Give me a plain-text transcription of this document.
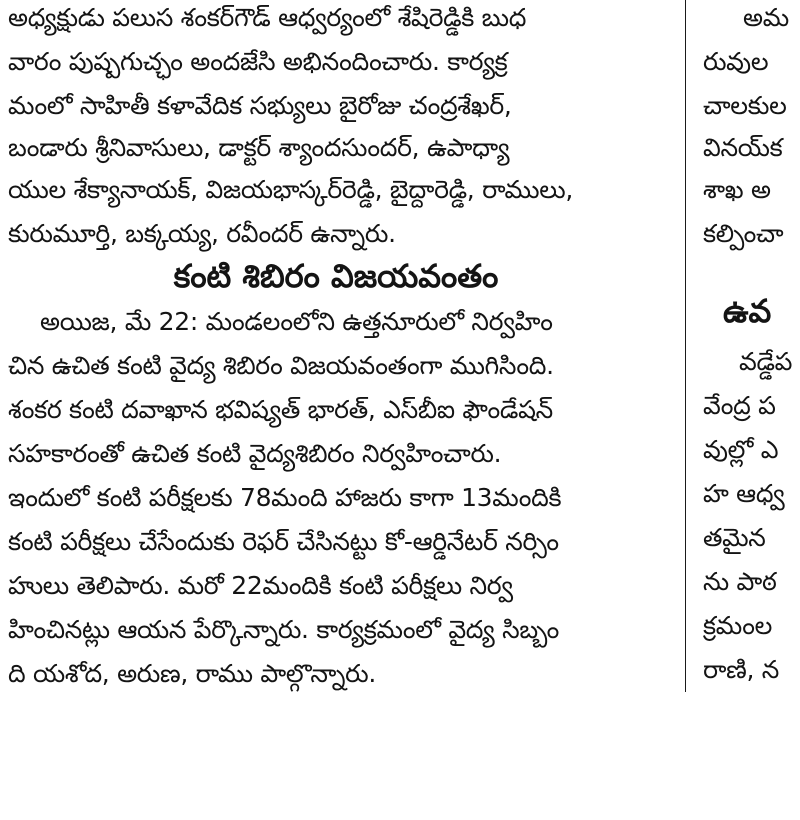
అధ్యక్షుడు పలుస శంకర్‌గౌడ్ ఆధ్వర్యంలో శేషిరెడ్డికి బుధ
వారం పుష్పగుచ్ఛం అందజేసి అభినందించారు. కార్యక్ర
మంలో సాహితీ కళావేదిక సభ్యులు బైరోజు చంద్రశేఖర్,
బండారు శ్రీనివాసులు, డాక్టర్ శ్యాందసుందర్, ఉపాధ్యా
యుల శేక్యానాయక్, విజయభాస్కర్‌రెడ్డి, బైద్దారెడ్డి, రాములు,
కురుమూర్తి, బక్కయ్య, రవీందర్ ఉన్నారు.
కంటి శిబిరం విజయవంతం
అయిజ, మే 22: మండలంలోని ఉత్తనూరులో నిర్వహిం
చిన ఉచిత కంటి వైద్య శిబిరం విజయవంతంగా ముగిసింది.
శంకర కంటి దవాఖాన భవిష్యత్ భారత్, ఎస్‌బీఐ ఫౌండేషన్
సహకారంతో ఉచిత కంటి వైద్యశిబిరం నిర్వహించారు.
ఇందులో కంటి పరీక్షలకు 78మంది హాజరు కాగా 13మందికి
కంటి పరీక్షలు చేసేందుకు రెఫర్ చేసినట్టు కో-ఆర్డినేటర్ నర్సిం
హులు తెలిపారు. మరో 22మందికి కంటి పరీక్షలు నిర్వ
హించినట్లు ఆయన పేర్కొన్నారు. కార్యక్రమంలో వైద్య సిబ్బం
ది యశోద, అరుణ, రాము పాల్గొన్నారు.
అమ
రువుల
చాలకుల
వినయ్‌క
శాఖ అ
కల్పించా
ఉవ
వడ్డేప
వేంద్ర ప
వుల్లో ఎ
హ ఆధ్వ
తమైన
ను పాఠ
క్రమంల
రాణి, న
